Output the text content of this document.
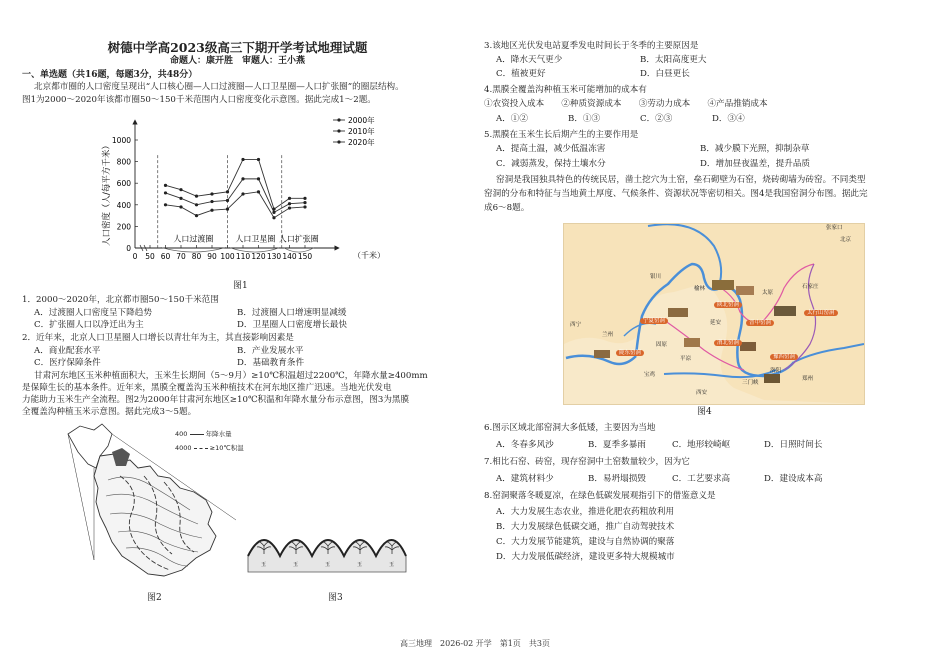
树德中学高2023级高三下期开学考试地理试题
命题人：康开胜　审题人：王小燕
一、单选题（共16题，每题3分，共48分）
北京都市圈的人口密度呈现出“人口核心圈—人口过渡圈—人口卫星圈—人口扩张圈”的圈层结构。
图1为2000～2020年该都市圈50～150千米范围内人口密度变化示意图。据此完成1～2题。
0
200
400
600
800
1000
0 50 60 70 80 90 100 110 120 130 140 150
人口过渡圈	人口卫星圈 人口扩张圈
2000年
2010年
2020年
人口密度（人/每平方千米）
（千米）
图1
1．2000～2020年，北京都市圈50～150千米范围
A．过渡圈人口密度呈下降趋势	B．过渡圈人口增速明显减缓
C．扩张圈人口以净迁出为主	D．卫星圈人口密度增长最快
2．近年来，北京人口卫星圈人口增长以青壮年为主，其直接影响因素是
A．商业配套水平	B．产业发展水平
C．医疗保障条件	D．基础教育条件
甘肃河东地区玉米种植面积大，玉米生长期间（5～9月）≥10℃积温超过2200℃，年降水量≥400mm
是保障生长的基本条件。近年来，黑膜全覆盖沟玉米种植技术在河东地区推广迅速。当地光伏发电
力能助力玉米生产全流程。图2为2000年甘肃河东地区≥10℃积温和年降水量分布示意图，图3为黑膜
全覆盖沟种植玉米示意图。据此完成3～5题。
400	年降水量
4000	≥10℃积温
图2
玉	玉	玉	玉	玉
图3
3.该地区光伏发电站夏季发电时间长于冬季的主要原因是
A．降水天气更少	B．太阳高度更大
C．植被更好	D．白昼更长
4.黑膜全覆盖沟种植玉米可能增加的成本有
①农资投入成本　　②种质资源成本　　③劳动力成本　　④产品推销成本
A．①②	B．①③	C．②③	D．③④
5.黑膜在玉米生长后期产生的主要作用是
A．提高土温，减少低温冻害	B．减少膜下光照，抑制杂草
C．减弱蒸发，保持土壤水分	D．增加昼夜温差，提升品质
窑洞是我国独具特色的传统民居，凿土挖穴为土窑，垒石砌壁为石窑，烧砖砌墙为砖窑。不同类型
窑洞的分布和特征与当地黄土厚度、气候条件、资源状况等密切相关。图4是我国窑洞分布图。据此完
成6～8题。
张家口
北京
银川
太原
石家庄
西宁
兰州
延安
郑州
西安
宝鸡
三门峡
榆林
固原
洛阳
平凉
宁夏窑洞
陕北窑洞
晋中窑洞
太行山窑洞
陇东窑洞
豫西窑洞
渭北窑洞
图4
6.图示区域北部窑洞大多低矮，主要因为当地
A．冬春多风沙	B．夏季多暴雨	C．地形较崎岖	D．日照时间长
7.相比石窑、砖窑，现存窑洞中土窑数量较少，因为它
A．建筑材料少	B．易坍塌损毁	C．工艺要求高	D．建设成本高
8.窑洞聚落冬暖夏凉，在绿色低碳发展观指引下的借鉴意义是
A．大力发展生态农业，推进化肥农药粗放利用
B．大力发展绿色低碳交通，推广自动驾驶技术
C．大力发展节能建筑，建设与自然协调的聚落
D．大力发展低碳经济，建设更多特大规模城市
高三地理　2026-02 开学　第1页　共3页
